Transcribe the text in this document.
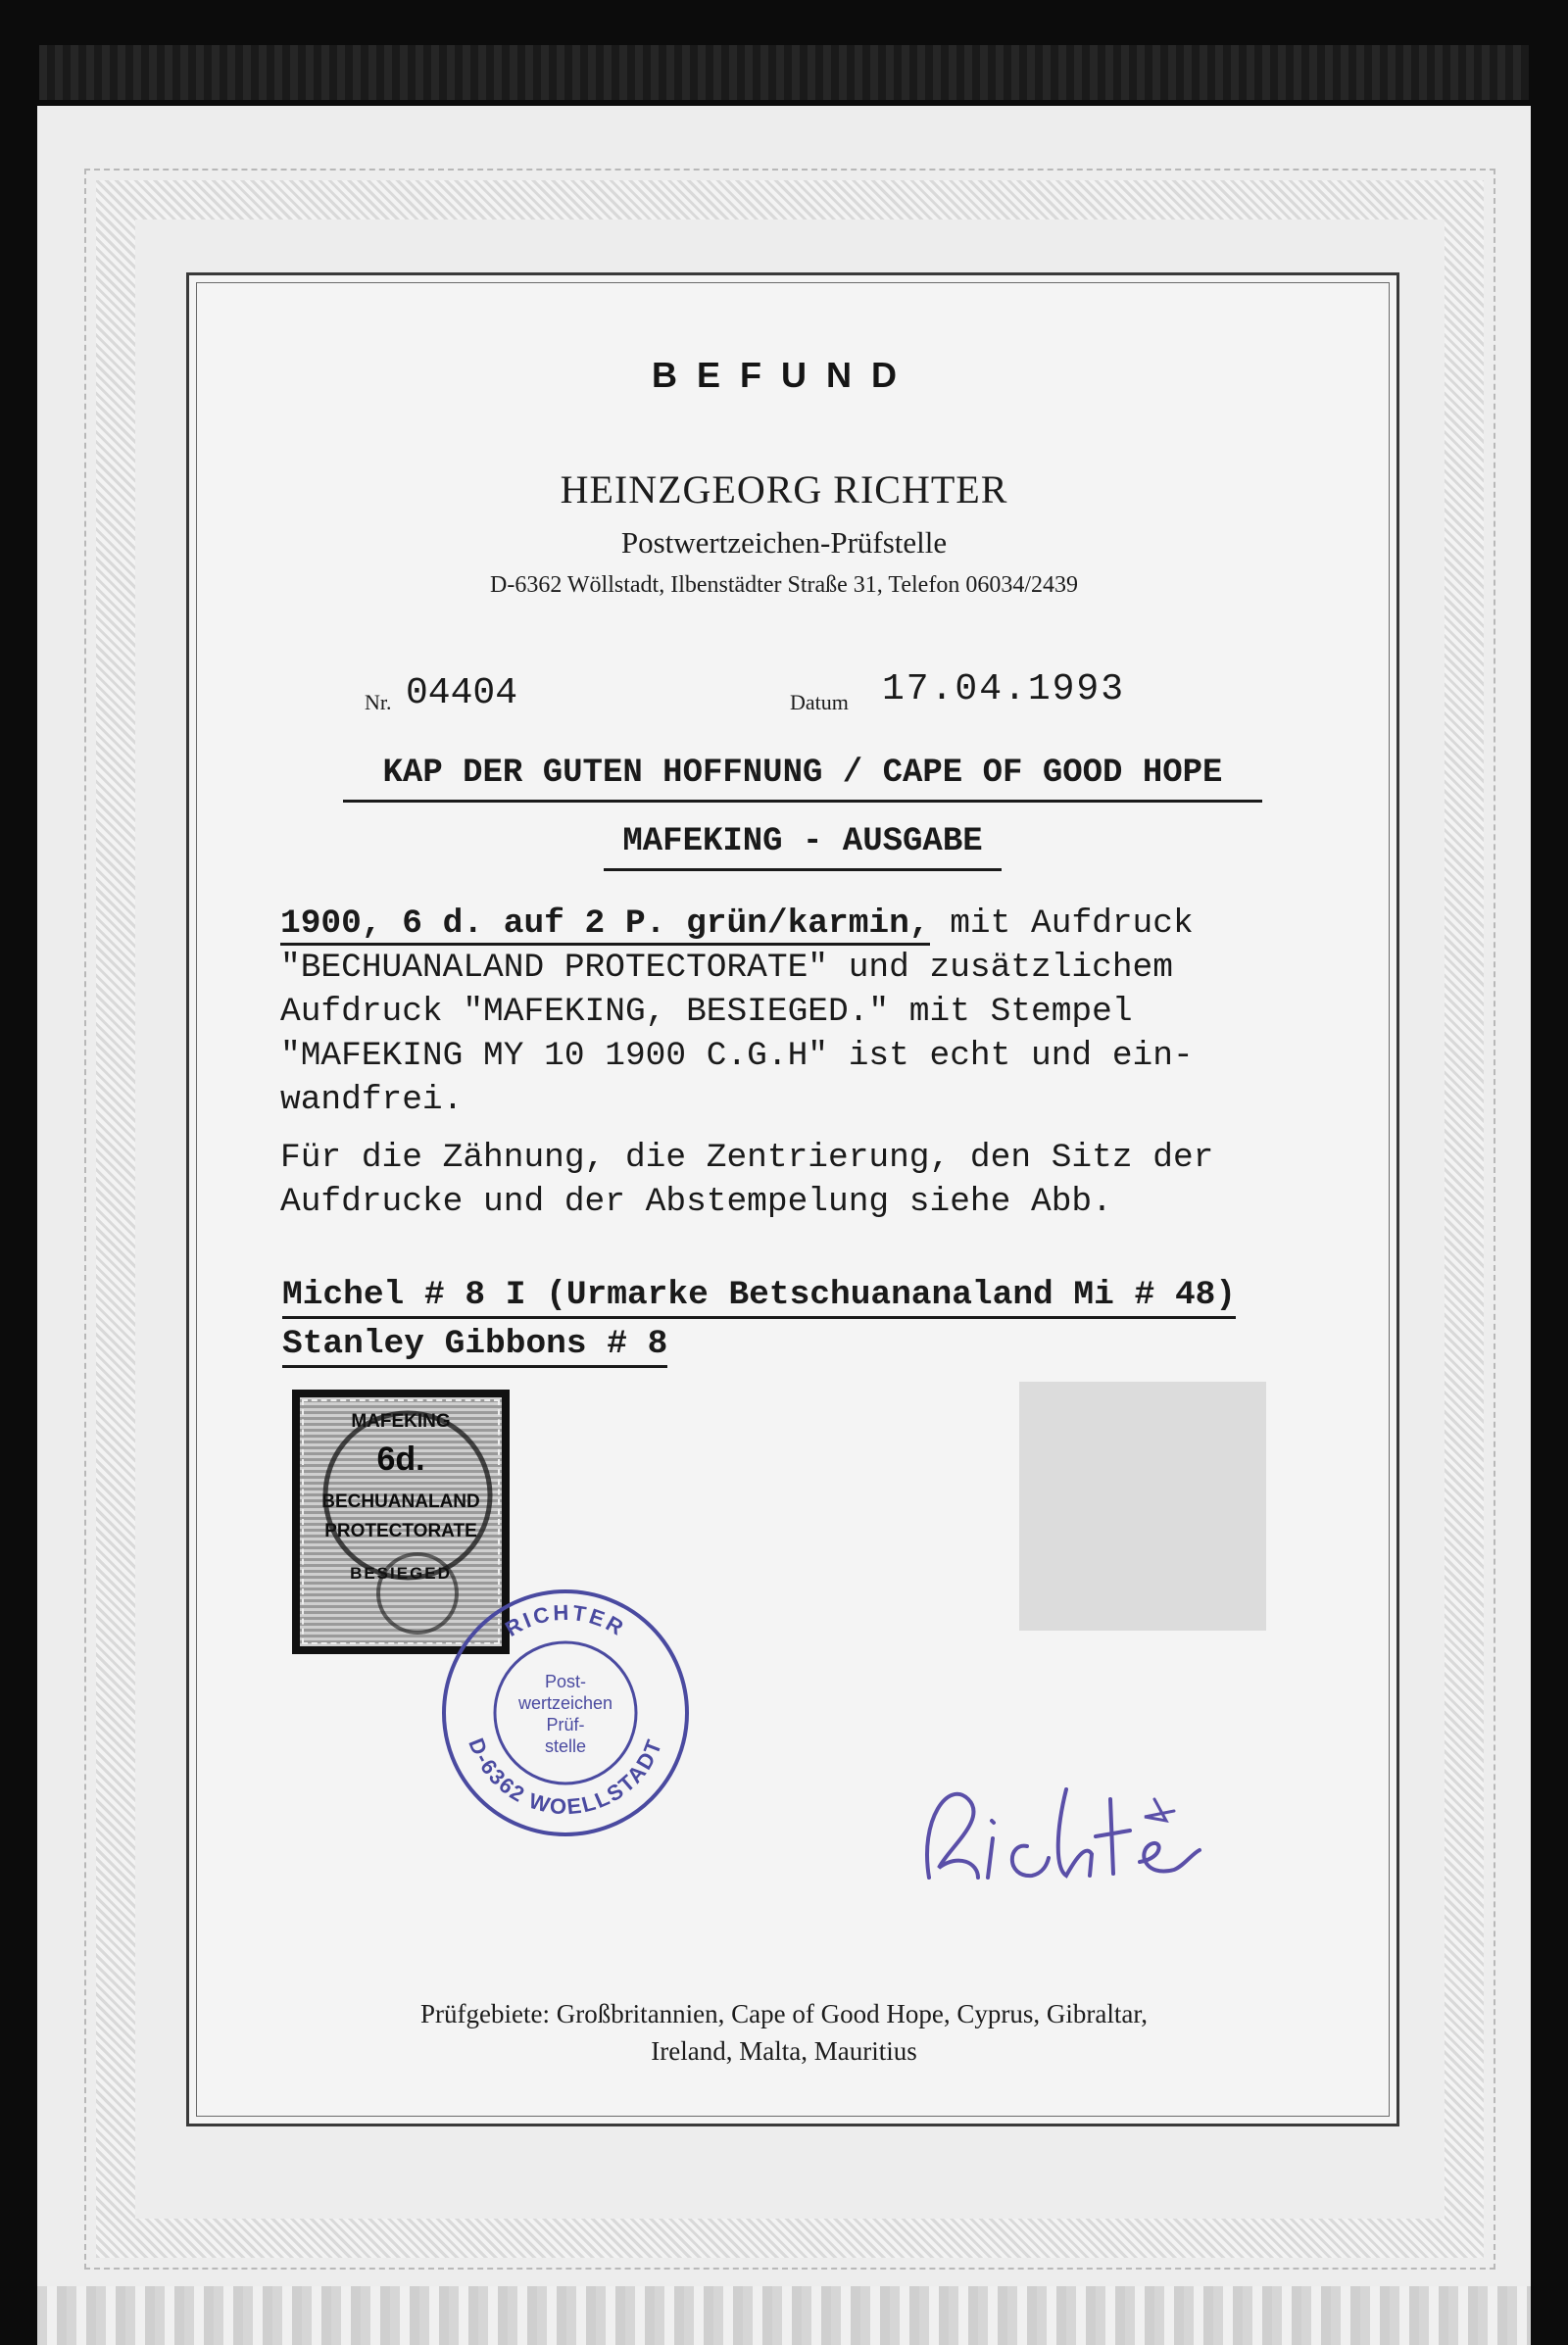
BEFUND
HEINZGEORG RICHTER
Postwertzeichen-Prüfstelle
D-6362 Wöllstadt, Ilbenstädter Straße 31, Telefon 06034/2439
Nr. 04404	Datum 17.04.1993
KAP DER GUTEN HOFFNUNG / CAPE OF GOOD HOPE
MAFEKING - AUSGABE

1900, 6 d. auf 2 P. grün/karmin, mit Aufdruck "BECHUANALAND PROTECTORATE" und zusätzlichem Aufdruck "MAFEKING, BESIEGED." mit Stempel "MAFEKING MY 10 1900 C.G.H" ist echt und ein-wandfrei.

Für die Zähnung, die Zentrierung, den Sitz der Aufdrucke und der Abstempelung siehe Abb.

Michel # 8 I (Urmarke Betschuananaland Mi # 48)
Stanley Gibbons # 8
MAFEKING
6d.
BECHUANALAND
PROTECTORATE
BESIEGED
RICHTER
D-6362 WOELLSTADT
Post-
wertzeichen
Prüf-
stelle
Prüfgebiete: Großbritannien, Cape of Good Hope, Cyprus, Gibraltar,
Ireland, Malta, Mauritius
